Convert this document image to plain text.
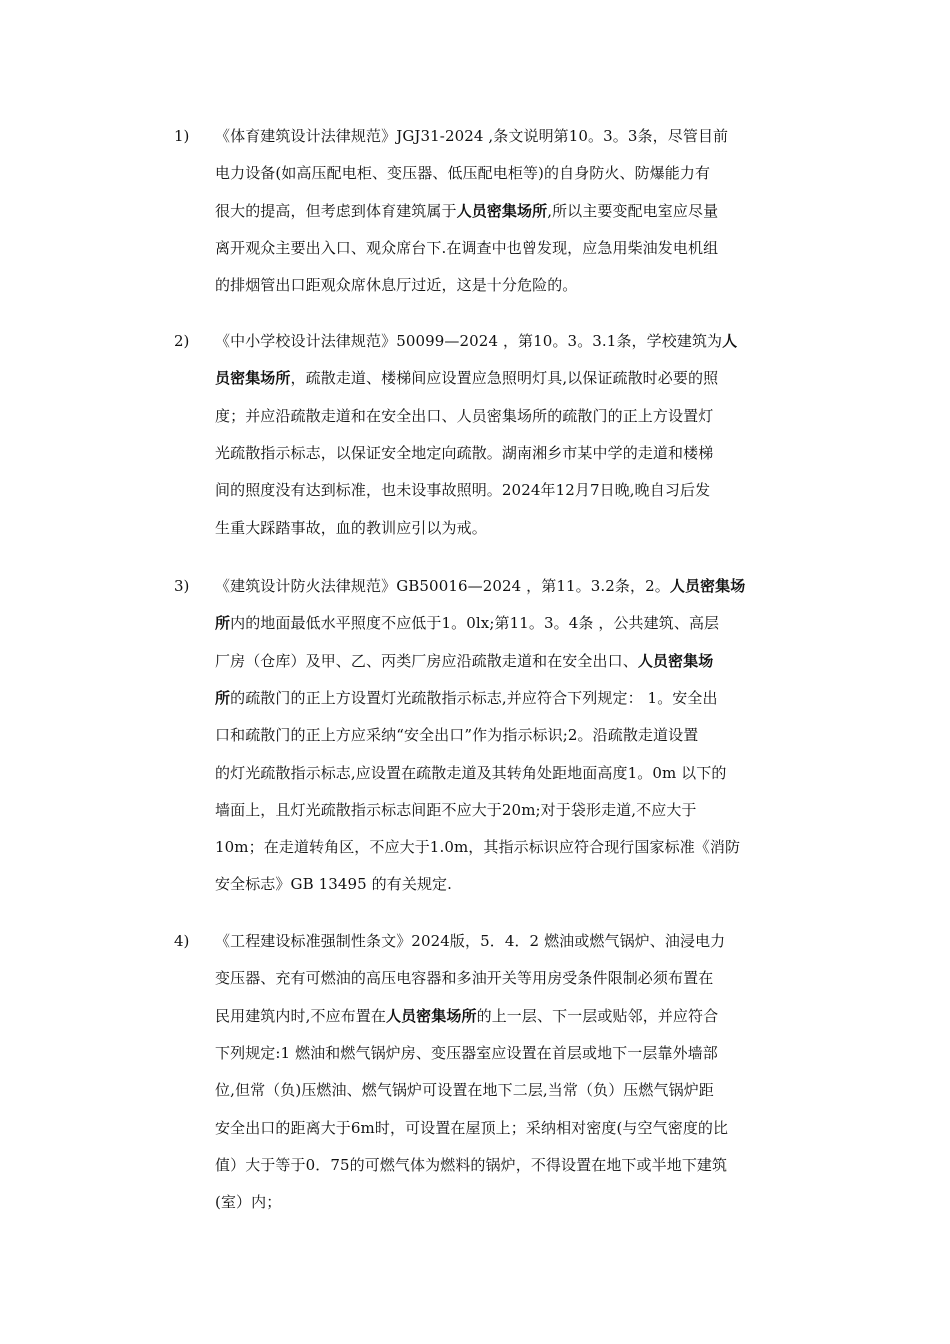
1) 《体育建筑设计法律规范》JGJ31-2024 ,条文说明第10。3。3条，尽管目前
电力设备(如高压配电柜、变压器、低压配电柜等)的自身防火、防爆能力有
很大的提高，但考虑到体育建筑属于人员密集场所,所以主要变配电室应尽量
离开观众主要出入口、观众席台下.在调查中也曾发现，应急用柴油发电机组
的排烟管出口距观众席休息厅过近，这是十分危险的。
2) 《中小学校设计法律规范》50099—2024 ，第10。3。3.1条，学校建筑为人
员密集场所，疏散走道、楼梯间应设置应急照明灯具,以保证疏散时必要的照
度；并应沿疏散走道和在安全出口、人员密集场所的疏散门的正上方设置灯
光疏散指示标志，以保证安全地定向疏散。湖南湘乡市某中学的走道和楼梯
间的照度没有达到标准，也未设事故照明。2024年12月7日晚,晚自习后发
生重大踩踏事故，血的教训应引以为戒。
3) 《建筑设计防火法律规范》GB50016—2024 ，第11。3.2条，2。人员密集场
所内的地面最低水平照度不应低于1。0lx;第11。3。4条 ，公共建筑、高层
厂房（仓库）及甲、乙、丙类厂房应沿疏散走道和在安全出口、人员密集场
所的疏散门的正上方设置灯光疏散指示标志,并应符合下列规定： 1。安全出
口和疏散门的正上方应采纳“安全出口”作为指示标识;2。沿疏散走道设置
的灯光疏散指示标志,应设置在疏散走道及其转角处距地面高度1。0m 以下的
墙面上，且灯光疏散指示标志间距不应大于20m;对于袋形走道,不应大于
10m；在走道转角区，不应大于1.0m，其指示标识应符合现行国家标准《消防
安全标志》GB 13495 的有关规定.
4) 《工程建设标准强制性条文》2024版，5．4．2 燃油或燃气锅炉、油浸电力
变压器、充有可燃油的高压电容器和多油开关等用房受条件限制必须布置在
民用建筑内时,不应布置在人员密集场所的上一层、下一层或贴邻，并应符合
下列规定:1 燃油和燃气锅炉房、变压器室应设置在首层或地下一层靠外墙部
位,但常（负)压燃油、燃气锅炉可设置在地下二层,当常（负）压燃气锅炉距
安全出口的距离大于6m时，可设置在屋顶上；采纳相对密度(与空气密度的比
值）大于等于0．75的可燃气体为燃料的锅炉，不得设置在地下或半地下建筑
(室）内；
